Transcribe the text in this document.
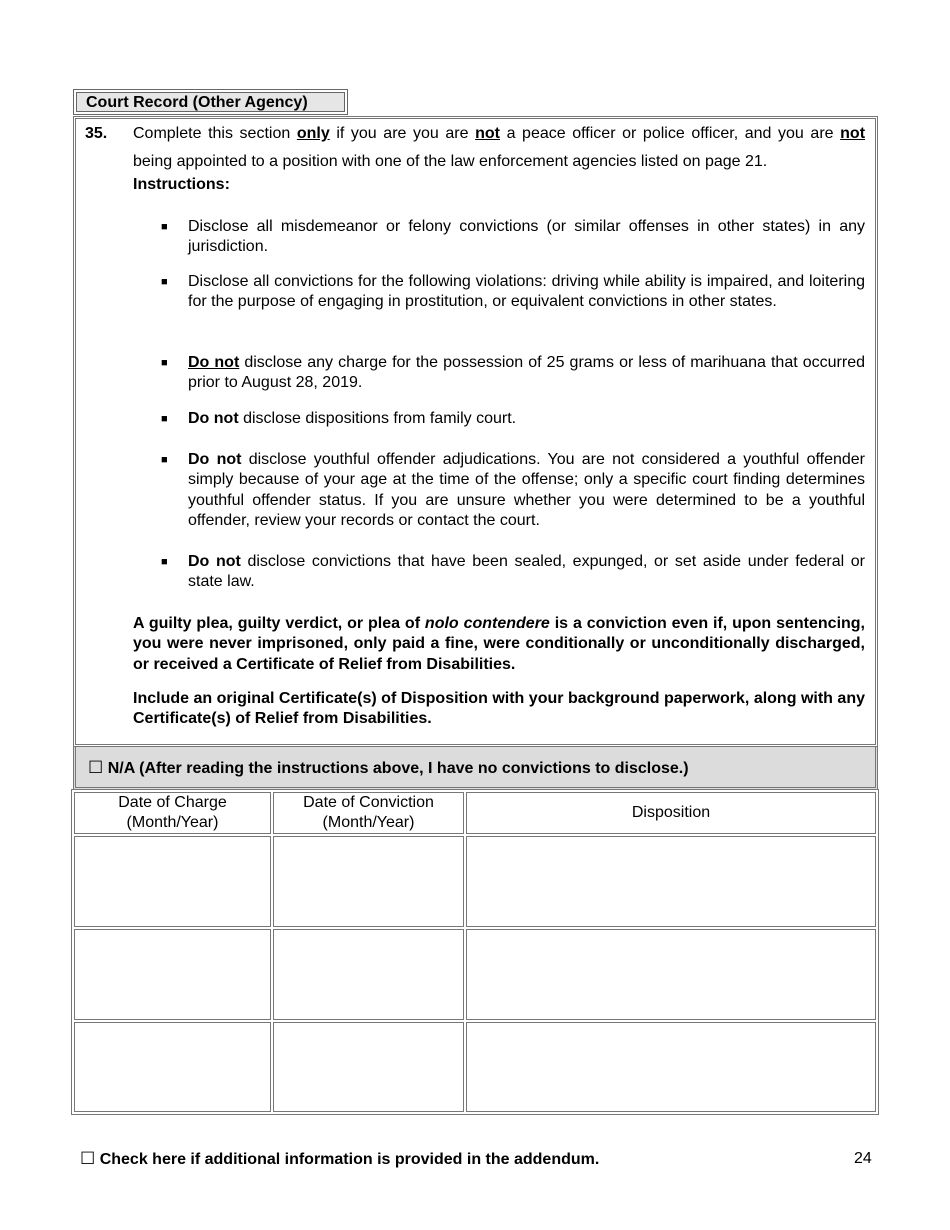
Court Record (Other Agency)
35. Complete this section only if you are you are not a peace officer or police officer, and you are not being appointed to a position with one of the law enforcement agencies listed on page 21.
Instructions:
■ Disclose all misdemeanor or felony convictions (or similar offenses in other states) in any jurisdiction.
■ Disclose all convictions for the following violations: driving while ability is impaired, and loitering for the purpose of engaging in prostitution, or equivalent convictions in other states.
■ Do not disclose any charge for the possession of 25 grams or less of marihuana that occurred prior to August 28, 2019.
■ Do not disclose dispositions from family court.
■ Do not disclose youthful offender adjudications. You are not considered a youthful offender simply because of your age at the time of the offense; only a specific court finding determines youthful offender status. If you are unsure whether you were determined to be a youthful offender, review your records or contact the court.
■ Do not disclose convictions that have been sealed, expunged, or set aside under federal or state law.
A guilty plea, guilty verdict, or plea of nolo contendere is a conviction even if, upon sentencing, you were never imprisoned, only paid a fine, were conditionally or unconditionally discharged, or received a Certificate of Relief from Disabilities.
Include an original Certificate(s) of Disposition with your background paperwork, along with any Certificate(s) of Relief from Disabilities.
☐ N/A (After reading the instructions above, I have no convictions to disclose.)
Date of Charge
(Month/Year)
Date of Conviction
(Month/Year)
Disposition
☐ Check here if additional information is provided in the addendum.	24
